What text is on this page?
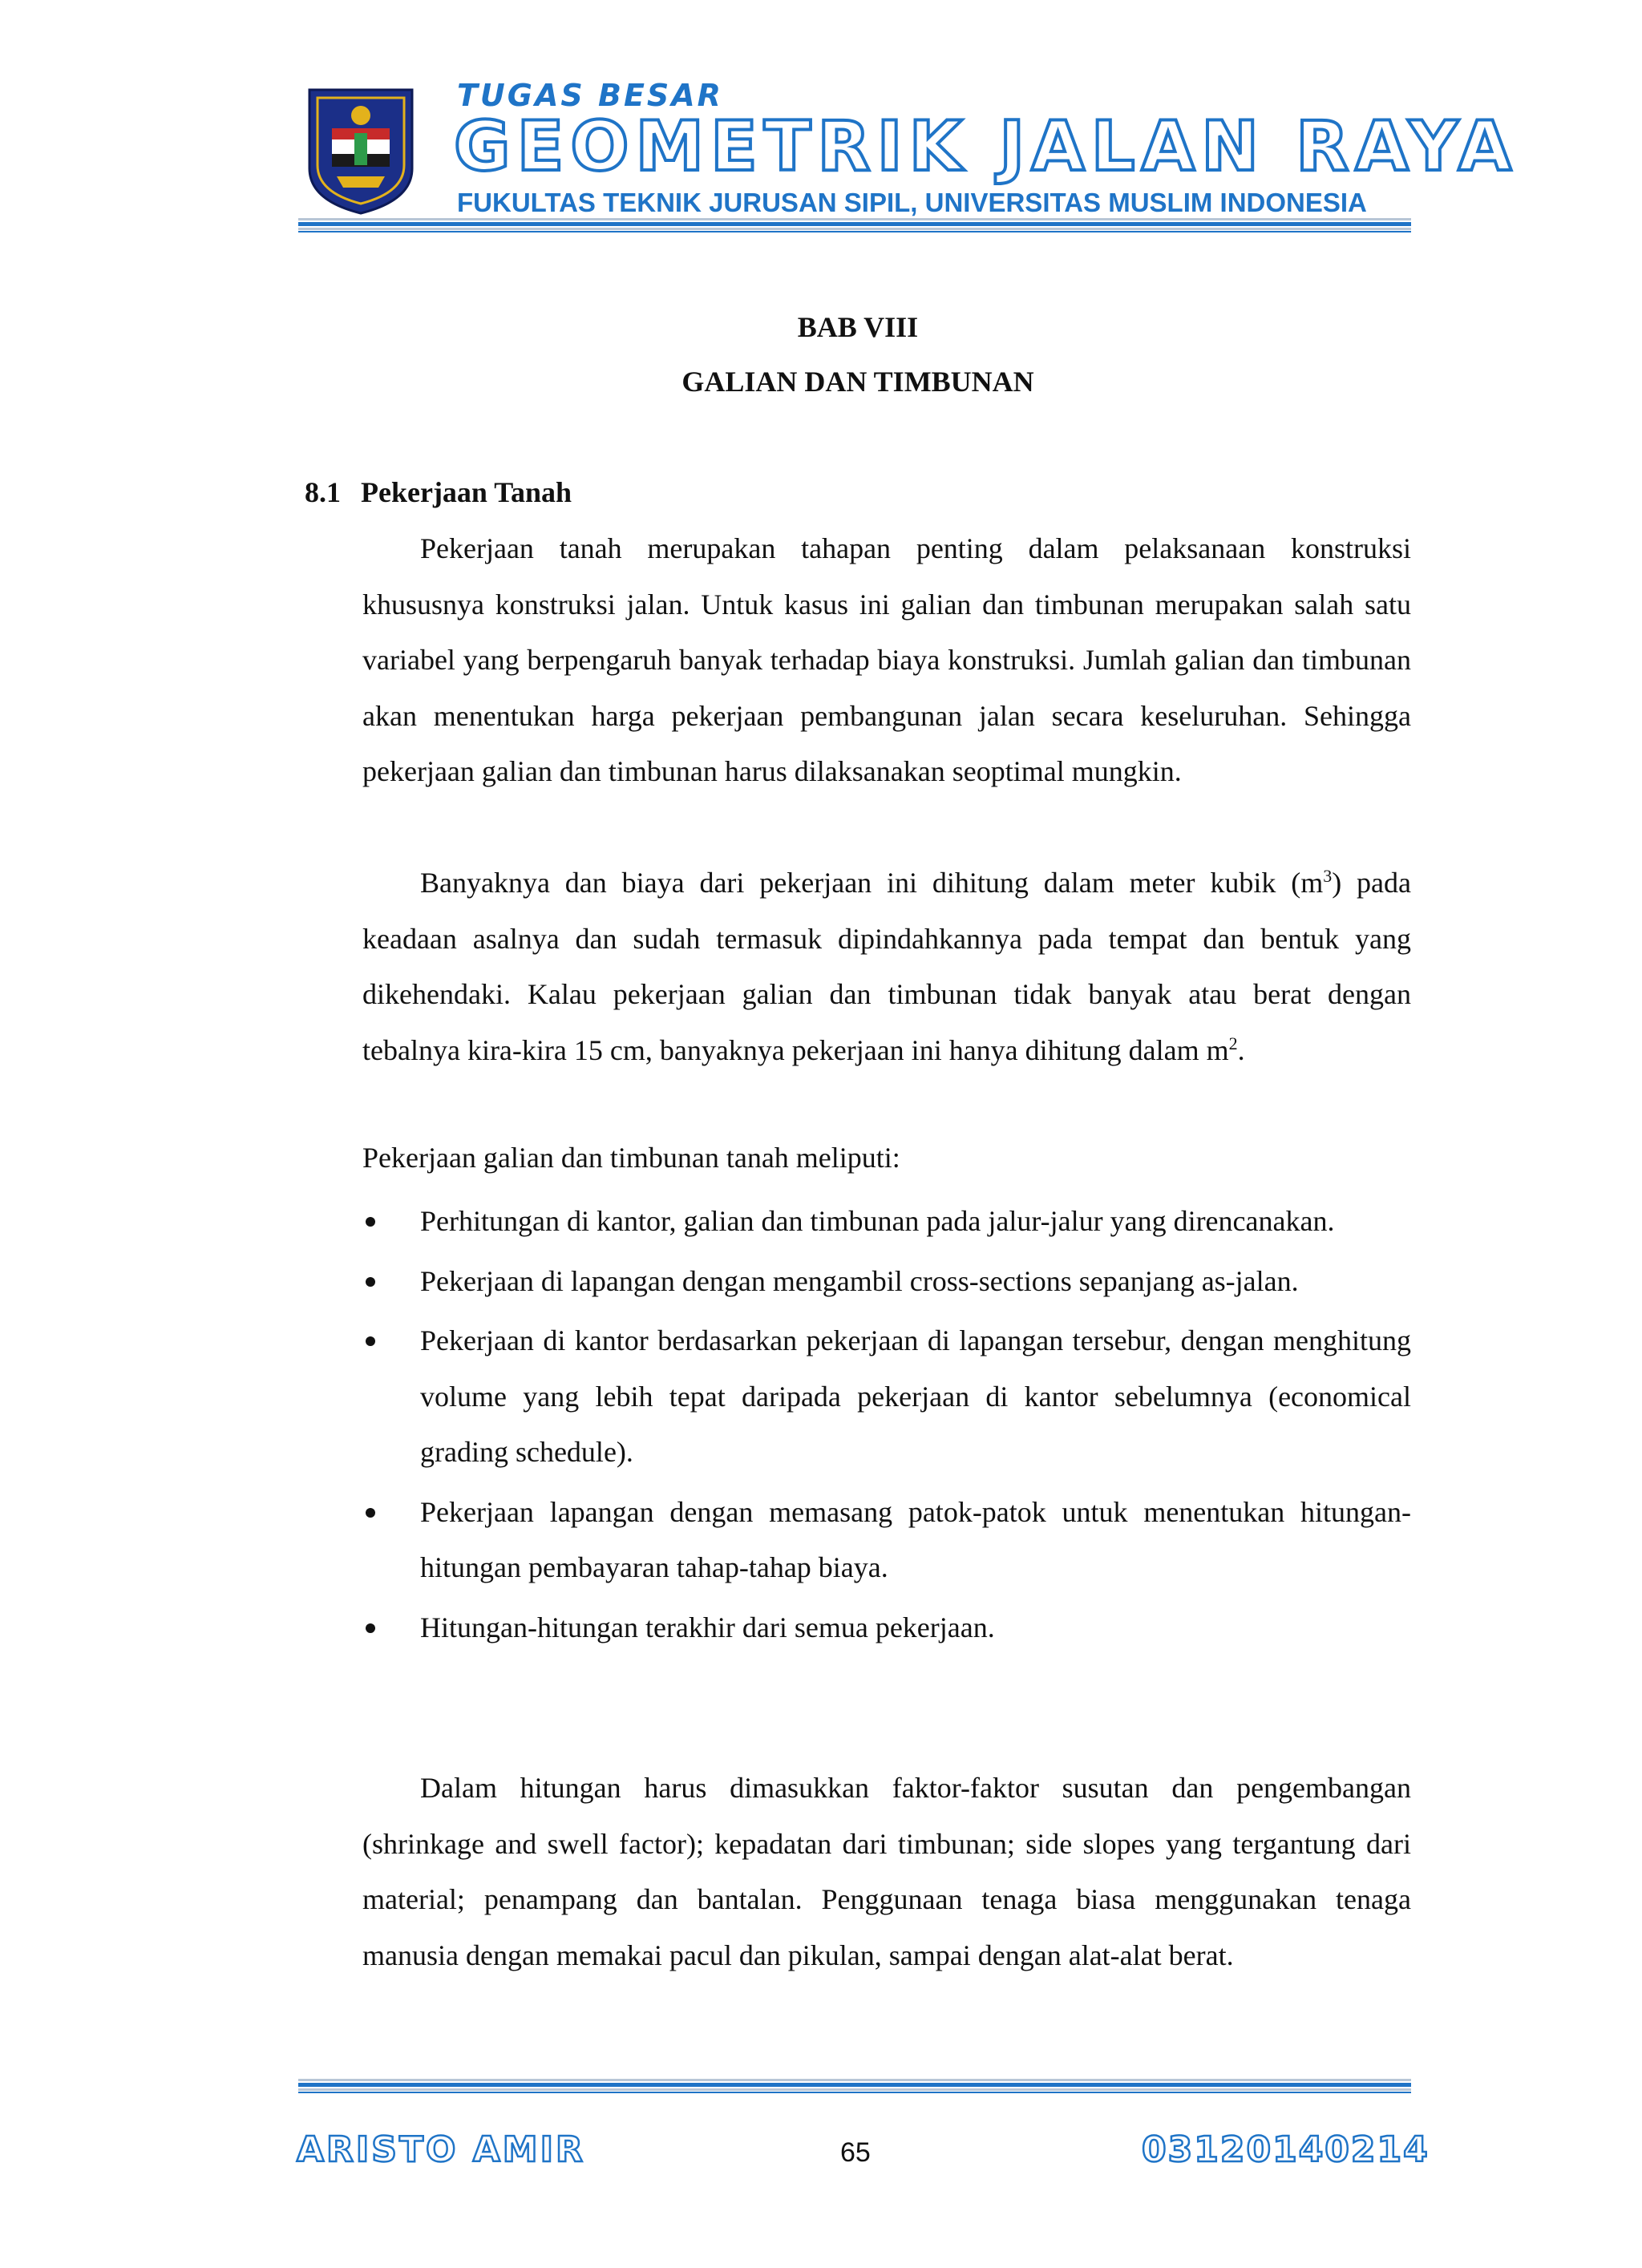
TUGAS BESAR
GEOMETRIK JALAN RAYA
FUKULTAS TEKNIK JURUSAN SIPIL, UNIVERSITAS MUSLIM INDONESIA
BAB VIII
GALIAN DAN TIMBUNAN
8.1 Pekerjaan Tanah

Pekerjaan tanah merupakan tahapan penting dalam pelaksanaan konstruksi khususnya konstruksi jalan. Untuk kasus ini galian dan timbunan merupakan salah satu variabel yang berpengaruh banyak terhadap biaya konstruksi. Jumlah galian dan timbunan akan menentukan harga pekerjaan pembangunan jalan secara keseluruhan. Sehingga pekerjaan galian dan timbunan harus dilaksanakan seoptimal mungkin.

Banyaknya dan biaya dari pekerjaan ini dihitung dalam meter kubik $(m^3)$ pada keadaan asalnya dan sudah termasuk dipindahkannya pada tempat dan bentuk yang dikehendaki. Kalau pekerjaan galian dan timbunan tidak banyak atau berat dengan tebalnya kira-kira 15 cm, banyaknya pekerjaan ini hanya dihitung dalam $m^2$.

Pekerjaan galian dan timbunan tanah meliputi:

Perhitungan di kantor, galian dan timbunan pada jalur-jalur yang direncanakan.
Pekerjaan di lapangan dengan mengambil cross-sections sepanjang as-jalan.
Pekerjaan di kantor berdasarkan pekerjaan di lapangan tersebur, dengan menghitung volume yang lebih tepat daripada pekerjaan di kantor sebelumnya (economical grading schedule).
Pekerjaan lapangan dengan memasang patok-patok untuk menentukan hitungan- hitungan pembayaran tahap-tahap biaya.
Hitungan-hitungan terakhir dari semua pekerjaan.

Dalam hitungan harus dimasukkan faktor-faktor susutan dan pengembangan (shrinkage and swell factor); kepadatan dari timbunan; side slopes yang tergantung dari material; penampang dan bantalan. Penggunaan tenaga biasa menggunakan tenaga manusia dengan memakai pacul dan pikulan, sampai dengan alat-alat berat.

ARISTO AMIR	65	03120140214
